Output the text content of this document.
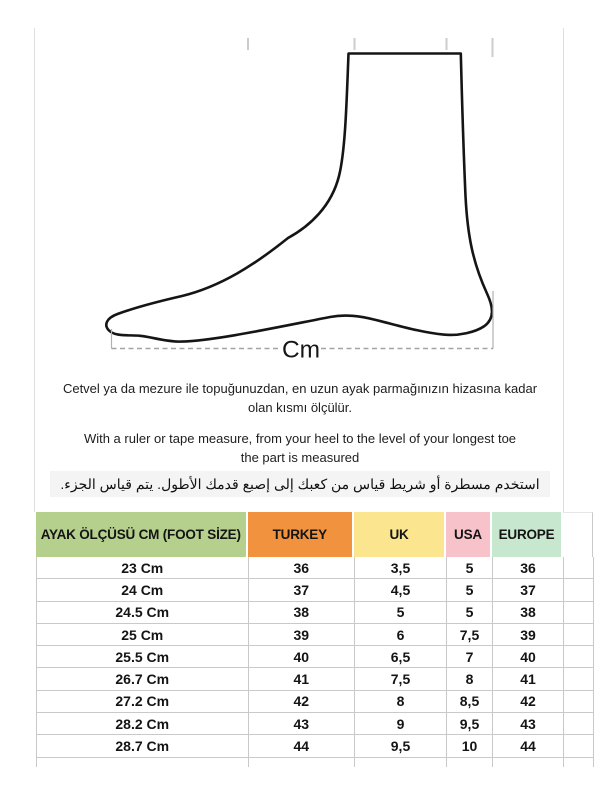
Cm
Cetvel ya da mezure ile topuğunuzdan, en uzun ayak parmağınızın hizasına kadar
olan kısmı ölçülür.
With a ruler or tape measure, from your heel to the level of your longest toe
the part is measured
استخدم مسطرة أو شريط قياس من كعبك إلى إصبع قدمك الأطول. يتم قياس الجزء.
AYAK ÖLÇÜSÜ CM (FOOT SİZE)	TURKEY	UK	USA	EUROPE
23 Cm	36	3,5	5	36
24 Cm	37	4,5	5	37
24.5 Cm	38	5	5	38
25 Cm	39	6	7,5	39
25.5 Cm	40	6,5	7	40
26.7 Cm	41	7,5	8	41
27.2 Cm	42	8	8,5	42
28.2 Cm	43	9	9,5	43
28.7 Cm	44	9,5	10	44
